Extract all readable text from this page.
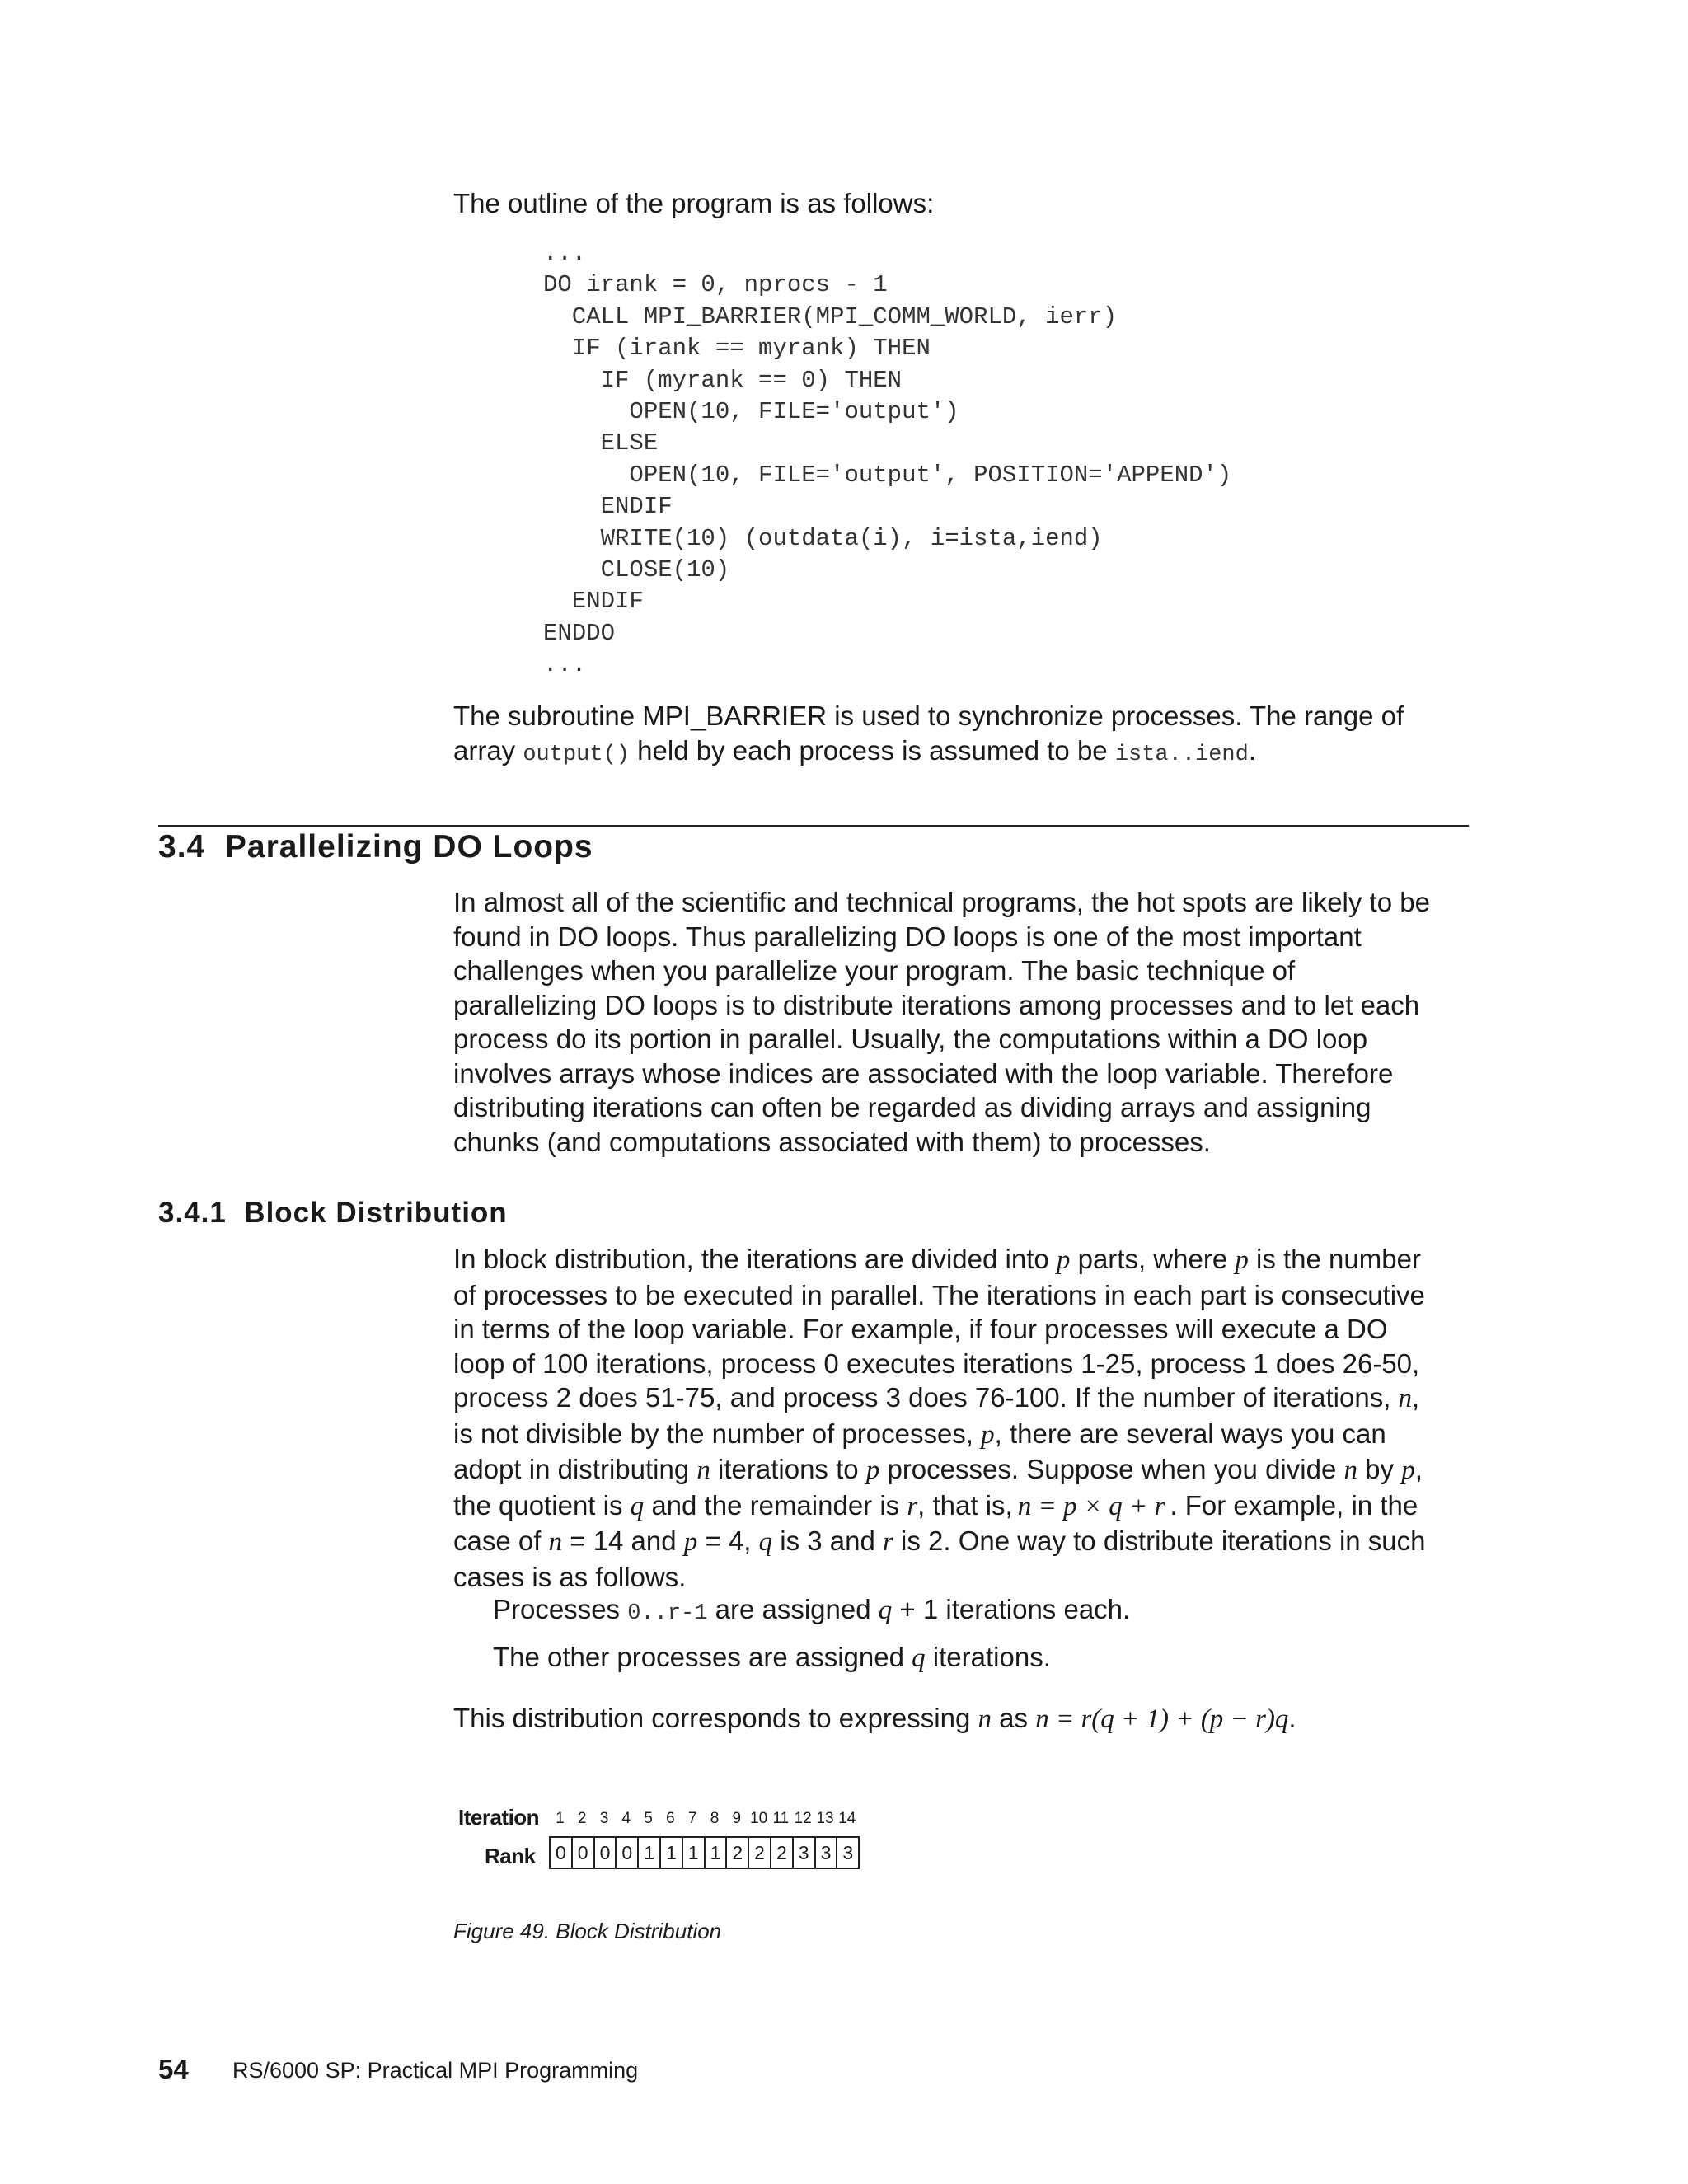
The outline of the program is as follows:

...
DO irank = 0, nprocs - 1
CALL MPI_BARRIER(MPI_COMM_WORLD, ierr)
IF (irank == myrank) THEN
IF (myrank == 0) THEN
OPEN(10, FILE='output')
ELSE
OPEN(10, FILE='output', POSITION='APPEND')
ENDIF
WRITE(10) (outdata(i), i=ista,iend)
CLOSE(10)
ENDIF
ENDDO
...
The subroutine MPI_BARRIER is used to synchronize processes. The range of
array output() held by each process is assumed to be ista..iend.
3.4  Parallelizing DO Loops
In almost all of the scientific and technical programs, the hot spots are likely to be
found in DO loops. Thus parallelizing DO loops is one of the most important
challenges when you parallelize your program. The basic technique of
parallelizing DO loops is to distribute iterations among processes and to let each
process do its portion in parallel. Usually, the computations within a DO loop
involves arrays whose indices are associated with the loop variable. Therefore
distributing iterations can often be regarded as dividing arrays and assigning
chunks (and computations associated with them) to processes.
3.4.1  Block Distribution
In block distribution, the iterations are divided into p parts, where p is the number
of processes to be executed in parallel. The iterations in each part is consecutive
in terms of the loop variable. For example, if four processes will execute a DO
loop of 100 iterations, process 0 executes iterations 1-25, process 1 does 26-50,
process 2 does 51-75, and process 3 does 76-100. If the number of iterations, n,
is not divisible by the number of processes, p, there are several ways you can
adopt in distributing n iterations to p processes. Suppose when you divide n by p,
the quotient is q and the remainder is r, that is, n = p × q + r . For example, in the
case of n = 14 and p = 4, q is 3 and r is 2. One way to distribute iterations in such
cases is as follows.
Processes 0..r-1 are assigned q + 1 iterations each.
The other processes are assigned q iterations.
This distribution corresponds to expressing n as n = r(q + 1) + (p − r)q.
Iteration
Rank
1 2 3 4 5 6 7 8 9 10 11 12 13 14
0 0 0 0 1 1 1 1 2 2 2 3 3 3
Figure 49. Block Distribution
54 RS/6000 SP: Practical MPI Programming
